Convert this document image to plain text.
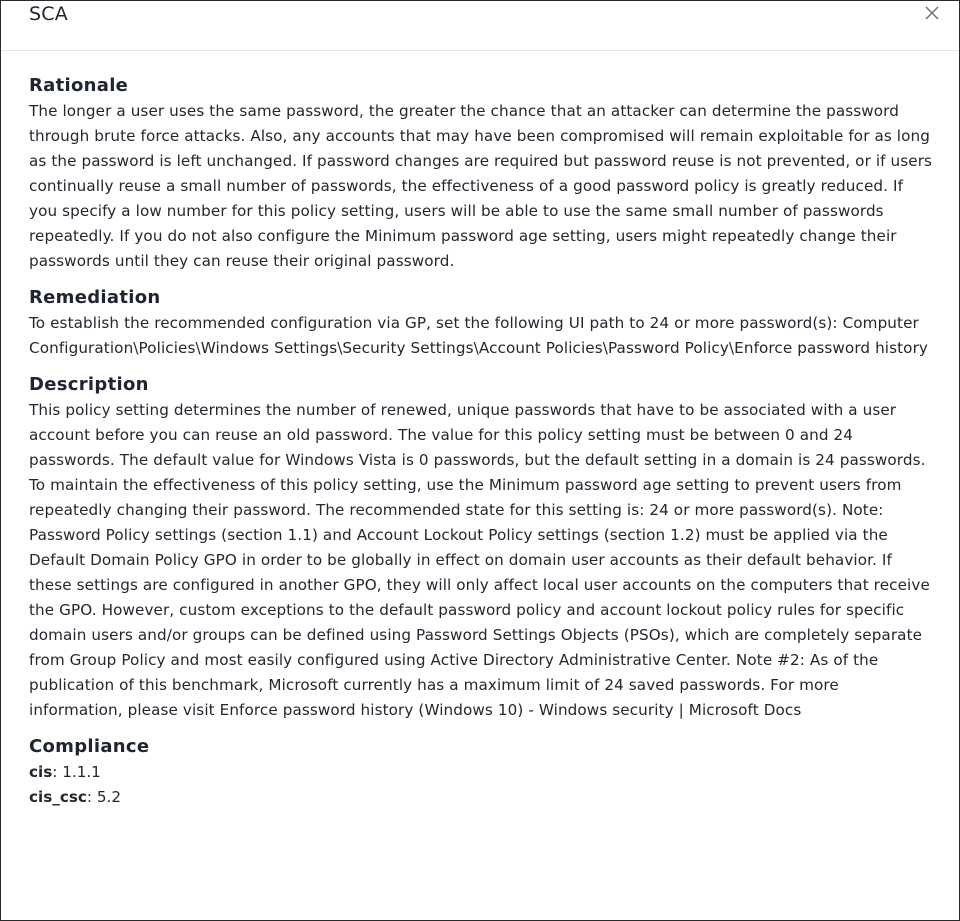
SCA
Rationale

The longer a user uses the same password, the greater the chance that an attacker can determine the password through brute force attacks. Also, any accounts that may have been compromised will remain exploitable for as long as the password is left unchanged. If password changes are required but password reuse is not prevented, or if users continually reuse a small number of passwords, the effectiveness of a good password policy is greatly reduced. If you specify a low number for this policy setting, users will be able to use the same small number of passwords repeatedly. If you do not also configure the Minimum password age setting, users might repeatedly change their passwords until they can reuse their original password.

Remediation

To establish the recommended configuration via GP, set the following UI path to 24 or more password(s): Computer Configuration\Policies\Windows Settings\Security Settings\Account Policies\Password Policy\Enforce password history

Description

This policy setting determines the number of renewed, unique passwords that have to be associated with a user account before you can reuse an old password. The value for this policy setting must be between 0 and 24 passwords. The default value for Windows Vista is 0 passwords, but the default setting in a domain is 24 passwords. To maintain the effectiveness of this policy setting, use the Minimum password age setting to prevent users from repeatedly changing their password. The recommended state for this setting is: 24 or more password(s). Note: Password Policy settings (section 1.1) and Account Lockout Policy settings (section 1.2) must be applied via the Default Domain Policy GPO in order to be globally in effect on domain user accounts as their default behavior. If these settings are configured in another GPO, they will only affect local user accounts on the computers that receive the GPO. However, custom exceptions to the default password policy and account lockout policy rules for specific domain users and/or groups can be defined using Password Settings Objects (PSOs), which are completely separate from Group Policy and most easily configured using Active Directory Administrative Center. Note #2: As of the publication of this benchmark, Microsoft currently has a maximum limit of 24 saved passwords. For more information, please visit Enforce password history (Windows 10) - Windows security | Microsoft Docs

Compliance
cis: 1.1.1
cis_csc: 5.2
